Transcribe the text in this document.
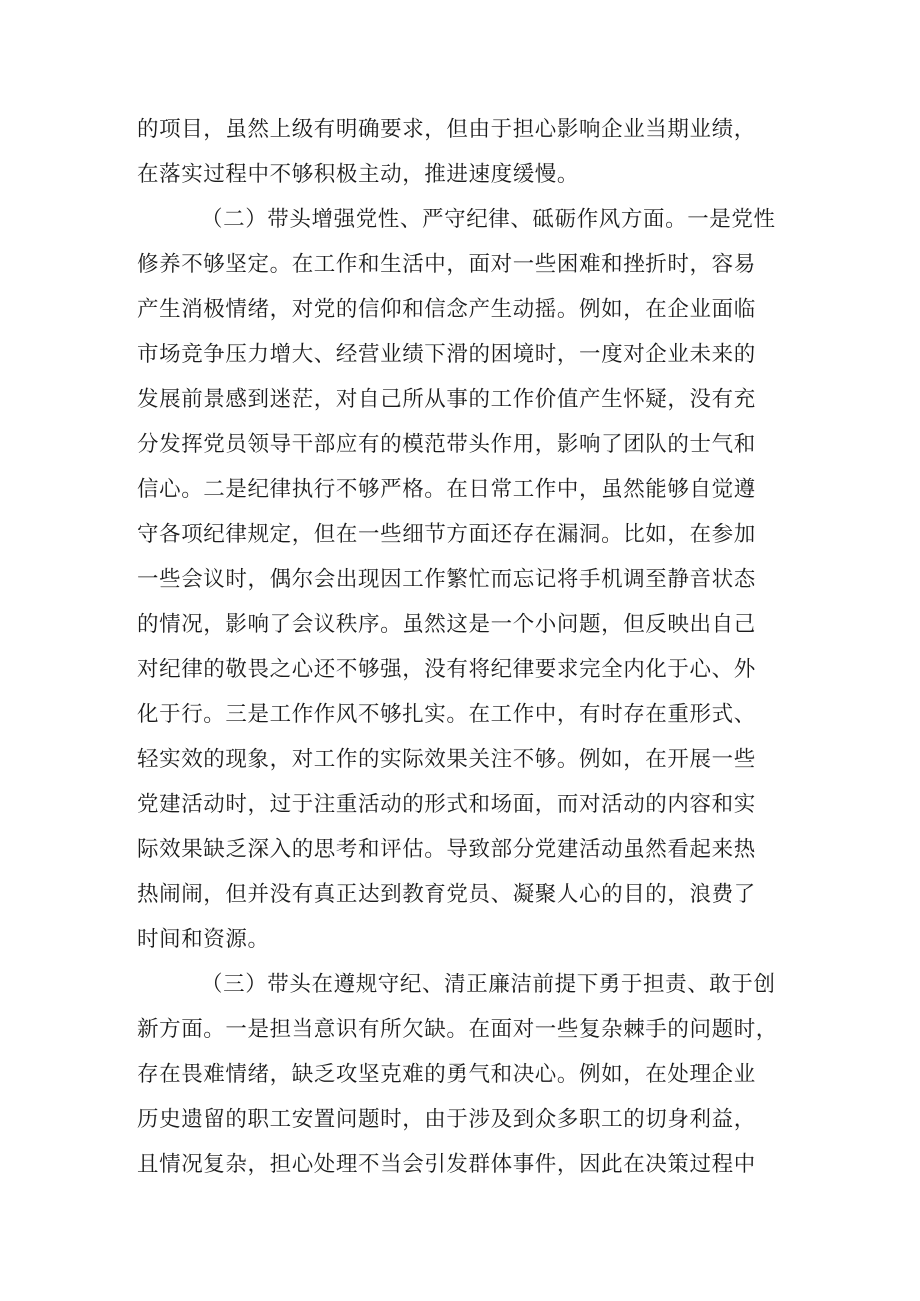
的项目，虽然上级有明确要求，但由于担心影响企业当期业绩，
在落实过程中不够积极主动，推进速度缓慢。
（二）带头增强党性、严守纪律、砥砺作风方面。一是党性
修养不够坚定。在工作和生活中，面对一些困难和挫折时，容易
产生消极情绪，对党的信仰和信念产生动摇。例如，在企业面临
市场竞争压力增大、经营业绩下滑的困境时，一度对企业未来的
发展前景感到迷茫，对自己所从事的工作价值产生怀疑，没有充
分发挥党员领导干部应有的模范带头作用，影响了团队的士气和
信心。二是纪律执行不够严格。在日常工作中，虽然能够自觉遵
守各项纪律规定，但在一些细节方面还存在漏洞。比如，在参加
一些会议时，偶尔会出现因工作繁忙而忘记将手机调至静音状态
的情况，影响了会议秩序。虽然这是一个小问题，但反映出自己
对纪律的敬畏之心还不够强，没有将纪律要求完全内化于心、外
化于行。三是工作作风不够扎实。在工作中，有时存在重形式、
轻实效的现象，对工作的实际效果关注不够。例如，在开展一些
党建活动时，过于注重活动的形式和场面，而对活动的内容和实
际效果缺乏深入的思考和评估。导致部分党建活动虽然看起来热
热闹闹，但并没有真正达到教育党员、凝聚人心的目的，浪费了
时间和资源。
（三）带头在遵规守纪、清正廉洁前提下勇于担责、敢于创
新方面。一是担当意识有所欠缺。在面对一些复杂棘手的问题时，
存在畏难情绪，缺乏攻坚克难的勇气和决心。例如，在处理企业
历史遗留的职工安置问题时，由于涉及到众多职工的切身利益，
且情况复杂，担心处理不当会引发群体事件，因此在决策过程中
